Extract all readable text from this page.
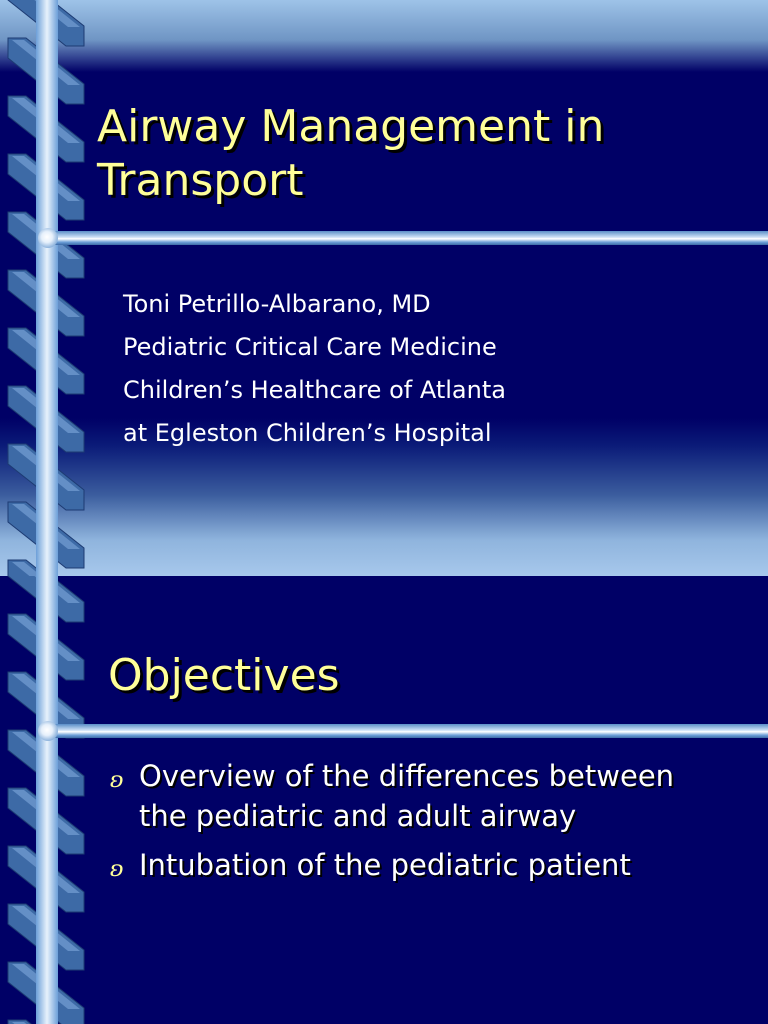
Airway Management in Transport
Toni Petrillo-Albarano, MD
Pediatric Critical Care Medicine
Children’s Healthcare of Atlanta
at Egleston Children’s Hospital
Objectives
ʚ Overview of the differences between the pediatric and adult airway
ʚ Intubation of the pediatric patient
